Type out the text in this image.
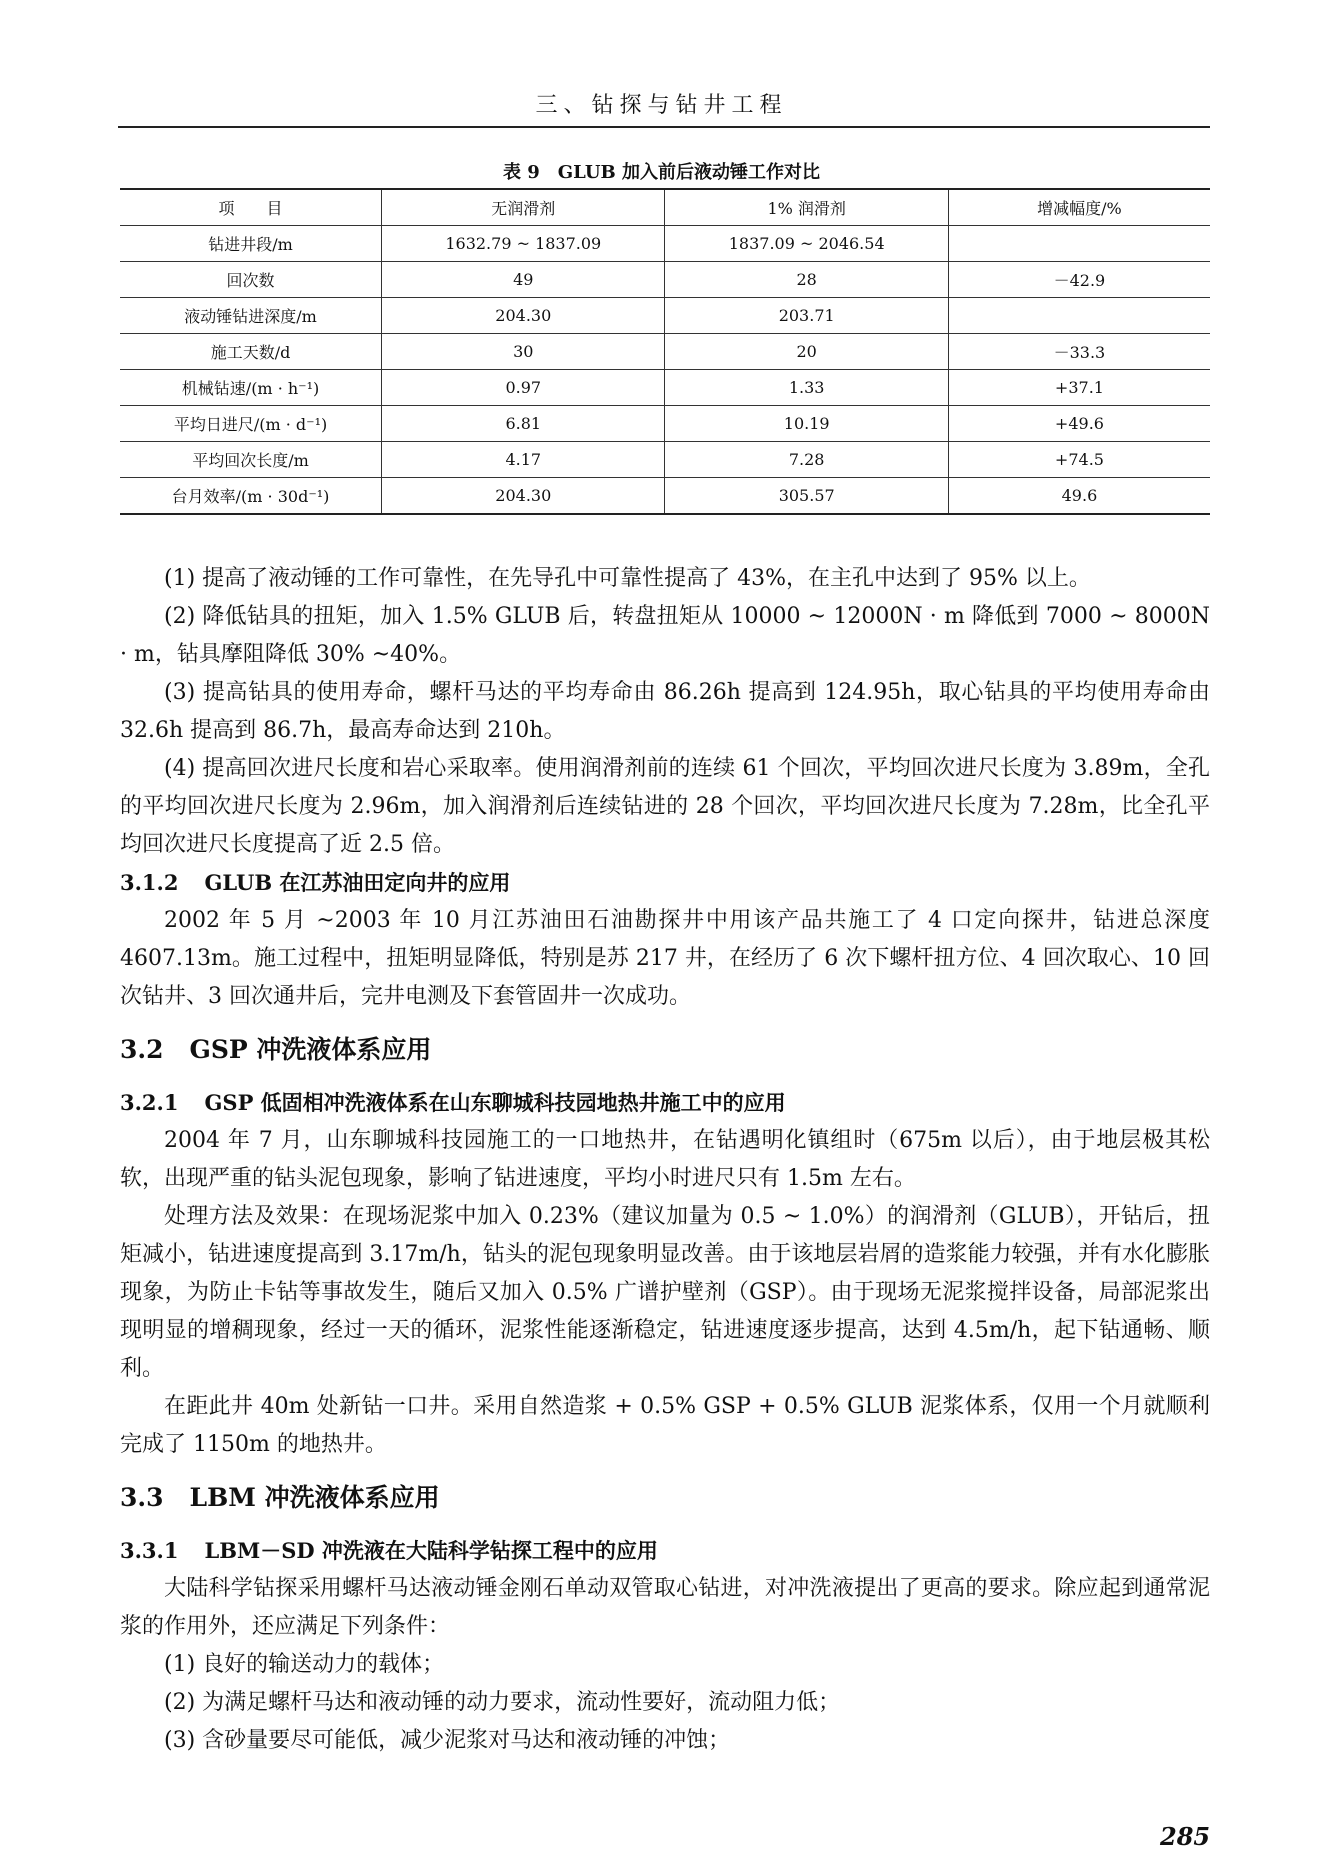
三、钻探与钻井工程
表 9　GLUB 加入前后液动锤工作对比
项　　目	无润滑剂	1% 润滑剂	增减幅度/%
钻进井段/m	1632.79 ~ 1837.09	1837.09 ~ 2046.54	
回次数	49	28	－42.9
液动锤钻进深度/m	204.30	203.71	
施工天数/d	30	20	－33.3
机械钻速/(m · h⁻¹)	0.97	1.33	+37.1
平均日进尺/(m · d⁻¹)	6.81	10.19	+49.6
平均回次长度/m	4.17	7.28	+74.5
台月效率/(m · 30d⁻¹)	204.30	305.57	49.6

(1) 提高了液动锤的工作可靠性，在先导孔中可靠性提高了 43%，在主孔中达到了 95% 以上。

(2) 降低钻具的扭矩，加入 1.5% GLUB 后，转盘扭矩从 10000 ~ 12000N · m 降低到 7000 ~ 8000N · m，钻具摩阻降低 30% ~40%。

(3) 提高钻具的使用寿命，螺杆马达的平均寿命由 86.26h 提高到 124.95h，取心钻具的平均使用寿命由 32.6h 提高到 86.7h，最高寿命达到 210h。

(4) 提高回次进尺长度和岩心采取率。使用润滑剂前的连续 61 个回次，平均回次进尺长度为 3.89m，全孔的平均回次进尺长度为 2.96m，加入润滑剂后连续钻进的 28 个回次，平均回次进尺长度为 7.28m，比全孔平均回次进尺长度提高了近 2.5 倍。

3.1.2 GLUB 在江苏油田定向井的应用

2002 年 5 月 ~2003 年 10 月江苏油田石油勘探井中用该产品共施工了 4 口定向探井，钻进总深度 4607.13m。施工过程中，扭矩明显降低，特别是苏 217 井，在经历了 6 次下螺杆扭方位、4 回次取心、10 回次钻井、3 回次通井后，完井电测及下套管固井一次成功。

3.2 GSP 冲洗液体系应用
3.2.1 GSP 低固相冲洗液体系在山东聊城科技园地热井施工中的应用

2004 年 7 月，山东聊城科技园施工的一口地热井，在钻遇明化镇组时（675m 以后），由于地层极其松软，出现严重的钻头泥包现象，影响了钻进速度，平均小时进尺只有 1.5m 左右。

处理方法及效果：在现场泥浆中加入 0.23%（建议加量为 0.5 ~ 1.0%）的润滑剂（GLUB），开钻后，扭矩减小，钻进速度提高到 3.17m/h，钻头的泥包现象明显改善。由于该地层岩屑的造浆能力较强，并有水化膨胀现象，为防止卡钻等事故发生，随后又加入 0.5% 广谱护壁剂（GSP）。由于现场无泥浆搅拌设备，局部泥浆出现明显的增稠现象，经过一天的循环，泥浆性能逐渐稳定，钻进速度逐步提高，达到 4.5m/h，起下钻通畅、顺利。

在距此井 40m 处新钻一口井。采用自然造浆 + 0.5% GSP + 0.5% GLUB 泥浆体系，仅用一个月就顺利完成了 1150m 的地热井。

3.3 LBM 冲洗液体系应用
3.3.1 LBM－SD 冲洗液在大陆科学钻探工程中的应用

大陆科学钻探采用螺杆马达液动锤金刚石单动双管取心钻进，对冲洗液提出了更高的要求。除应起到通常泥浆的作用外，还应满足下列条件：

(1) 良好的输送动力的载体；

(2) 为满足螺杆马达和液动锤的动力要求，流动性要好，流动阻力低；

(3) 含砂量要尽可能低，减少泥浆对马达和液动锤的冲蚀；

285
